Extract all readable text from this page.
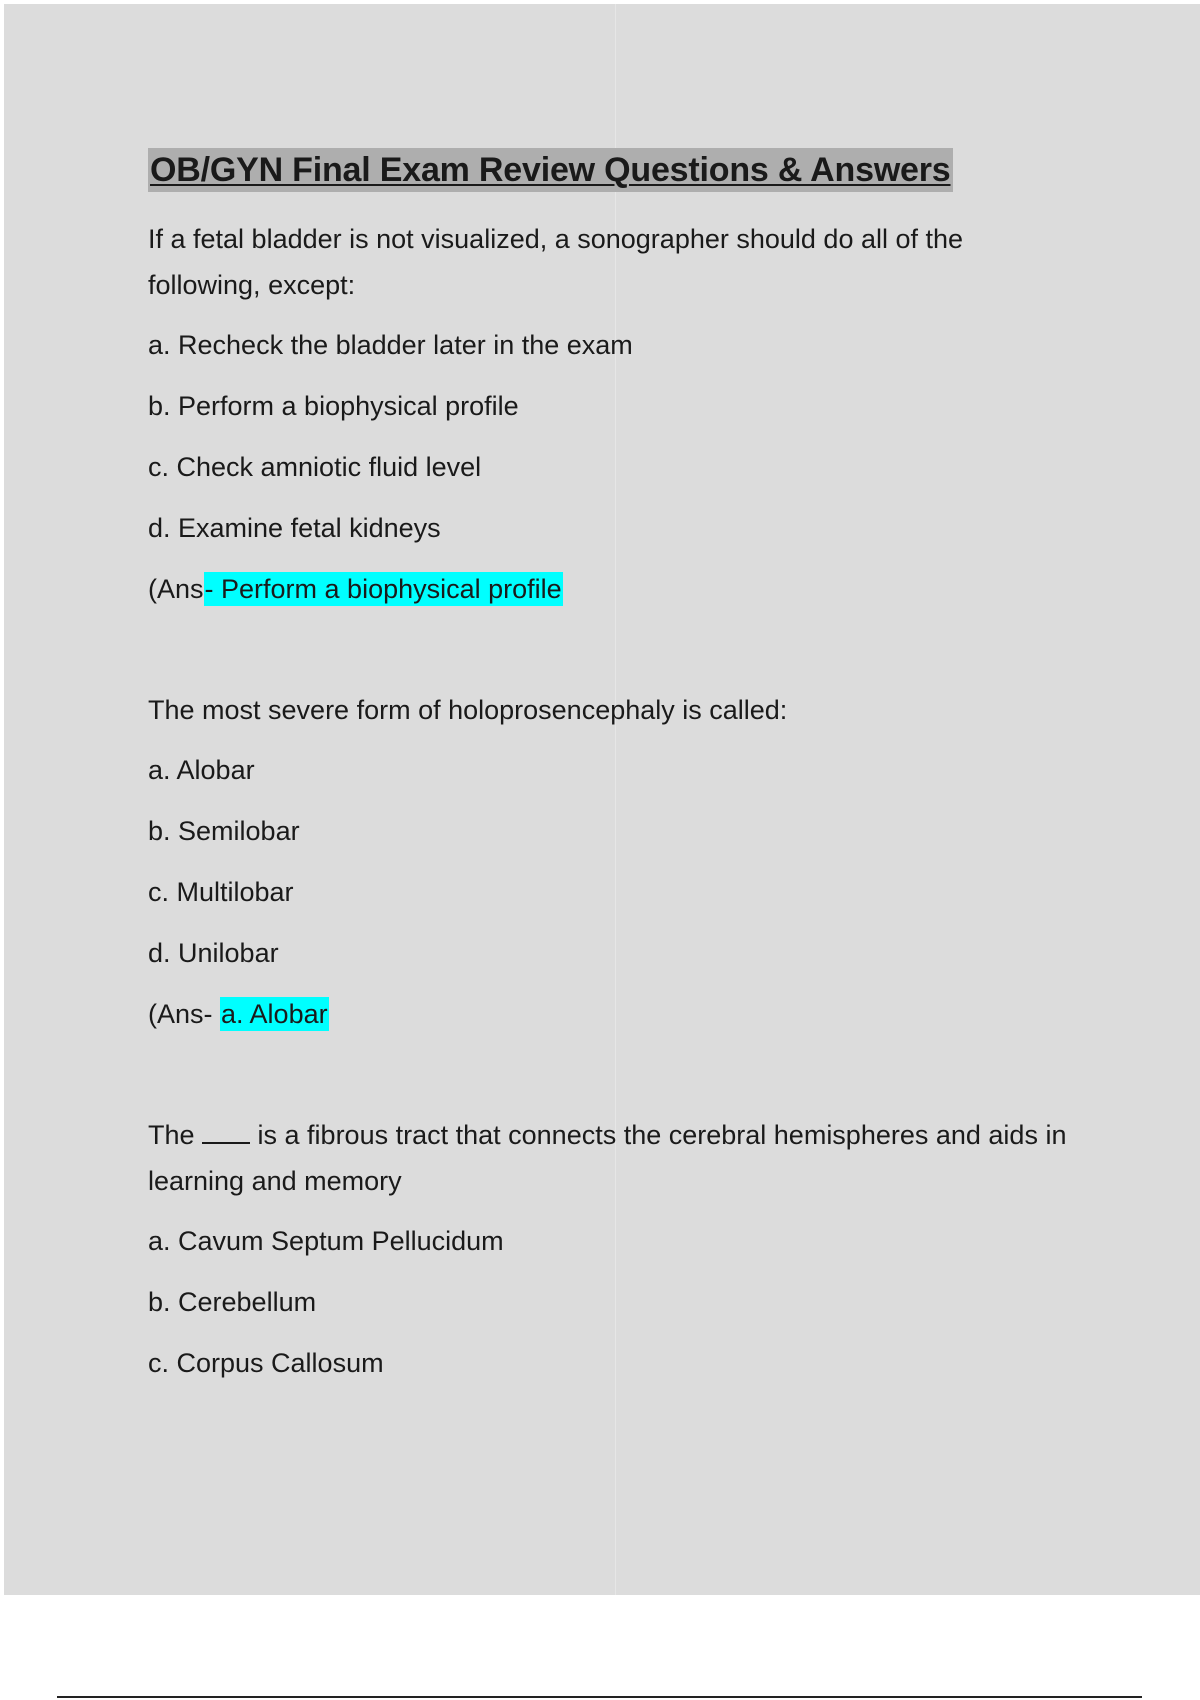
OB/GYN Final Exam Review Questions & Answers

If a fetal bladder is not visualized, a sonographer should do all of the following, except:

a. Recheck the bladder later in the exam

b. Perform a biophysical profile

c. Check amniotic fluid level

d. Examine fetal kidneys

(Ans- Perform a biophysical profile

The most severe form of holoprosencephaly is called:

a. Alobar

b. Semilobar

c. Multilobar

d. Unilobar

(Ans- a. Alobar

The  is a fibrous tract that connects the cerebral hemispheres and aids in learning and memory

a. Cavum Septum Pellucidum

b. Cerebellum

c. Corpus Callosum
